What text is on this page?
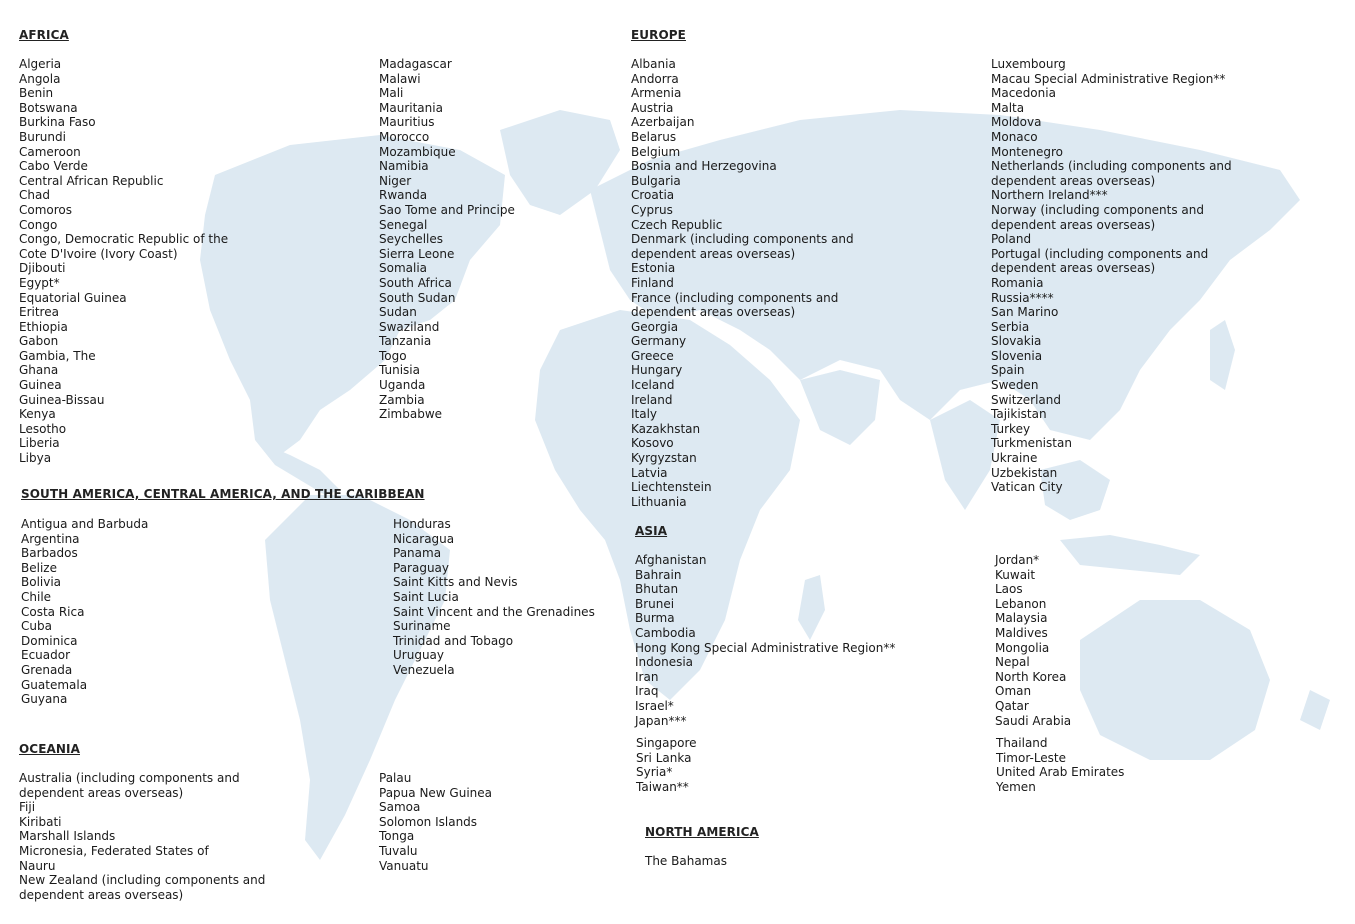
AFRICA
Algeria
Angola
Benin
Botswana
Burkina Faso
Burundi
Cameroon
Cabo Verde
Central African Republic
Chad
Comoros
Congo
Congo, Democratic Republic of the
Cote D'Ivoire (Ivory Coast)
Djibouti
Egypt*
Equatorial Guinea
Eritrea
Ethiopia
Gabon
Gambia, The
Ghana
Guinea
Guinea-Bissau
Kenya
Lesotho
Liberia
Libya
Madagascar
Malawi
Mali
Mauritania
Mauritius
Morocco
Mozambique
Namibia
Niger
Rwanda
Sao Tome and Principe
Senegal
Seychelles
Sierra Leone
Somalia
South Africa
South Sudan
Sudan
Swaziland
Tanzania
Togo
Tunisia
Uganda
Zambia
Zimbabwe
SOUTH AMERICA, CENTRAL AMERICA, AND THE CARIBBEAN
Antigua and Barbuda
Argentina
Barbados
Belize
Bolivia
Chile
Costa Rica
Cuba
Dominica
Ecuador
Grenada
Guatemala
Guyana
Honduras
Nicaragua
Panama
Paraguay
Saint Kitts and Nevis
Saint Lucia
Saint Vincent and the Grenadines
Suriname
Trinidad and Tobago
Uruguay
Venezuela
OCEANIA
Australia (including components and
dependent areas overseas)
Fiji
Kiribati
Marshall Islands
Micronesia, Federated States of
Nauru
New Zealand (including components and
dependent areas overseas)
Palau
Papua New Guinea
Samoa
Solomon Islands
Tonga
Tuvalu
Vanuatu
EUROPE
Albania
Andorra
Armenia
Austria
Azerbaijan
Belarus
Belgium
Bosnia and Herzegovina
Bulgaria
Croatia
Cyprus
Czech Republic
Denmark (including components and
dependent areas overseas)
Estonia
Finland
France (including components and
dependent areas overseas)
Georgia
Germany
Greece
Hungary
Iceland
Ireland
Italy
Kazakhstan
Kosovo
Kyrgyzstan
Latvia
Liechtenstein
Lithuania
Luxembourg
Macau Special Administrative Region**
Macedonia
Malta
Moldova
Monaco
Montenegro
Netherlands (including components and
dependent areas overseas)
Northern Ireland***
Norway (including components and
dependent areas overseas)
Poland
Portugal (including components and
dependent areas overseas)
Romania
Russia****
San Marino
Serbia
Slovakia
Slovenia
Spain
Sweden
Switzerland
Tajikistan
Turkey
Turkmenistan
Ukraine
Uzbekistan
Vatican City
ASIA
Afghanistan
Bahrain
Bhutan
Brunei
Burma
Cambodia
Hong Kong Special Administrative Region**
Indonesia
Iran
Iraq
Israel*
Japan***
Singapore
Sri Lanka
Syria*
Taiwan**
Jordan*
Kuwait
Laos
Lebanon
Malaysia
Maldives
Mongolia
Nepal
North Korea
Oman
Qatar
Saudi Arabia
Thailand
Timor-Leste
United Arab Emirates
Yemen
NORTH AMERICA
The Bahamas
